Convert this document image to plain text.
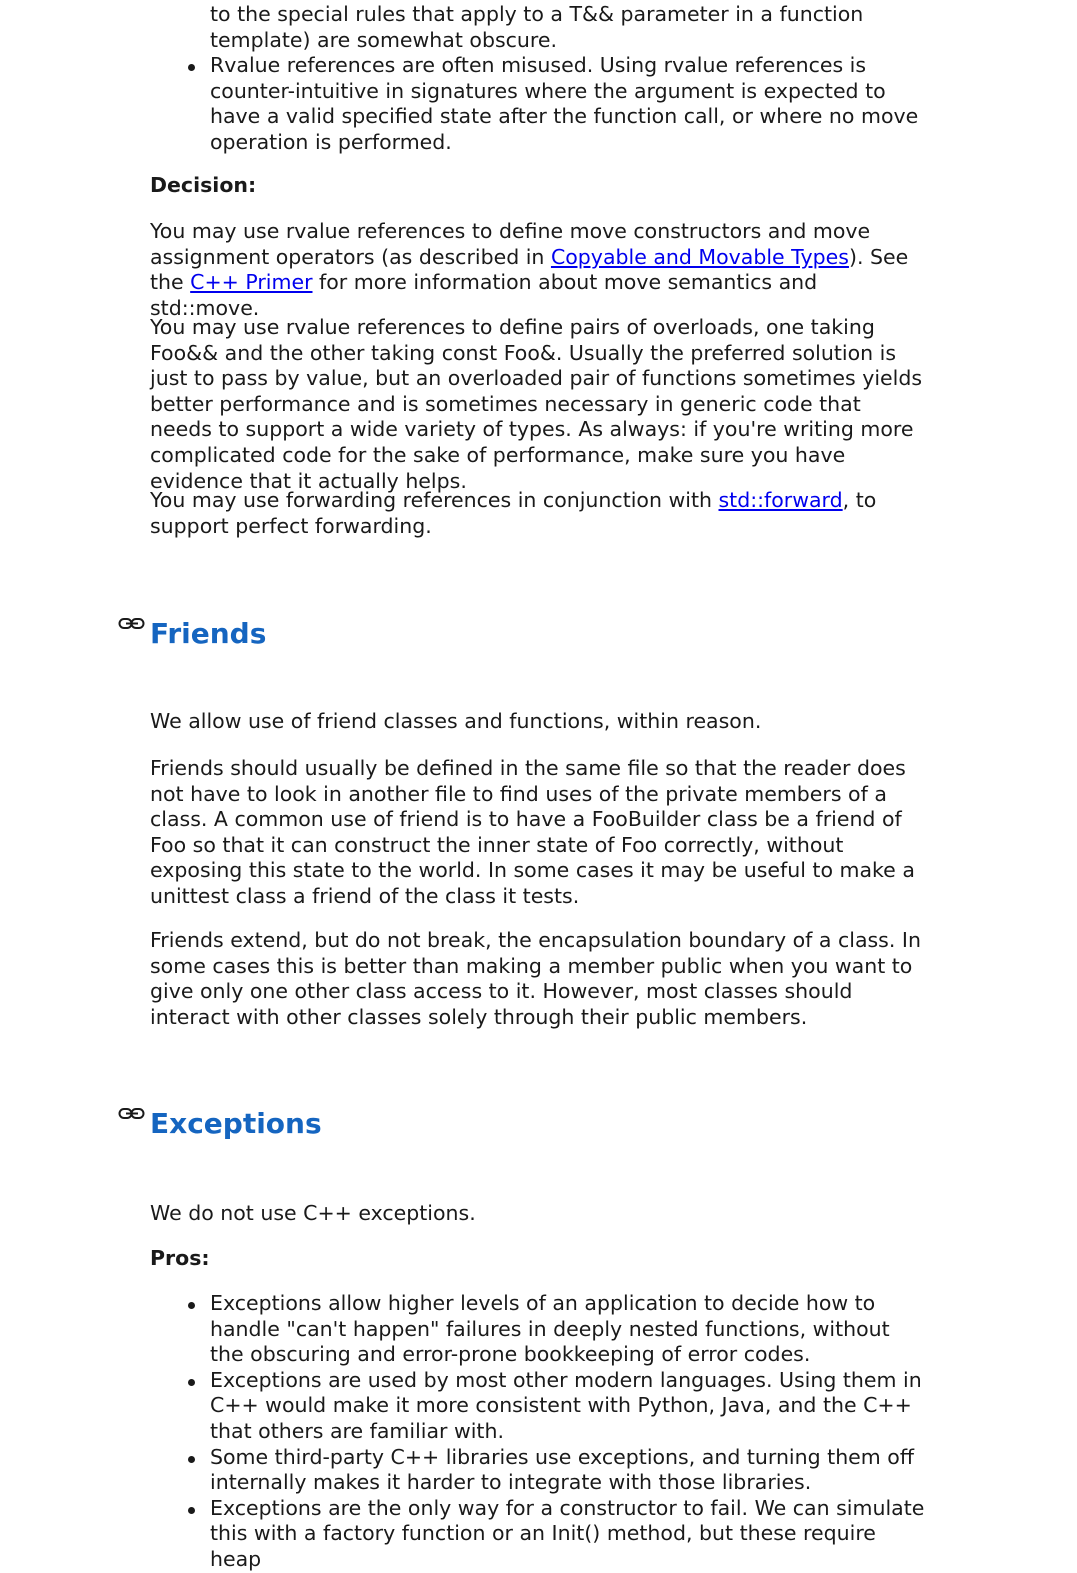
to the special rules that apply to a T&& parameter in a function template) are somewhat obscure.
Rvalue references are often misused. Using rvalue references is counter-intuitive in signatures where the argument is expected to have a valid specified state after the function call, or where no move operation is performed.

Decision:

You may use rvalue references to define move constructors and move assignment operators (as described in Copyable and Movable Types). See the C++ Primer for more information about move semantics and std::move.

You may use rvalue references to define pairs of overloads, one taking Foo&& and the other taking const Foo&. Usually the preferred solution is just to pass by value, but an overloaded pair of functions sometimes yields better performance and is sometimes necessary in generic code that needs to support a wide variety of types. As always: if you're writing more complicated code for the sake of performance, make sure you have evidence that it actually helps.

You may use forwarding references in conjunction with std::forward, to support perfect forwarding.

Friends

We allow use of friend classes and functions, within reason.

Friends should usually be defined in the same file so that the reader does not have to look in another file to find uses of the private members of a class. A common use of friend is to have a FooBuilder class be a friend of Foo so that it can construct the inner state of Foo correctly, without exposing this state to the world. In some cases it may be useful to make a unittest class a friend of the class it tests.

Friends extend, but do not break, the encapsulation boundary of a class. In some cases this is better than making a member public when you want to give only one other class access to it. However, most classes should interact with other classes solely through their public members.

Exceptions

We do not use C++ exceptions.

Pros:

Exceptions allow higher levels of an application to decide how to handle "can't happen" failures in deeply nested functions, without the obscuring and error-prone bookkeeping of error codes.
Exceptions are used by most other modern languages. Using them in C++ would make it more consistent with Python, Java, and the C++ that others are familiar with.
Some third-party C++ libraries use exceptions, and turning them off internally makes it harder to integrate with those libraries.
Exceptions are the only way for a constructor to fail. We can simulate this with a factory function or an Init() method, but these require heap
